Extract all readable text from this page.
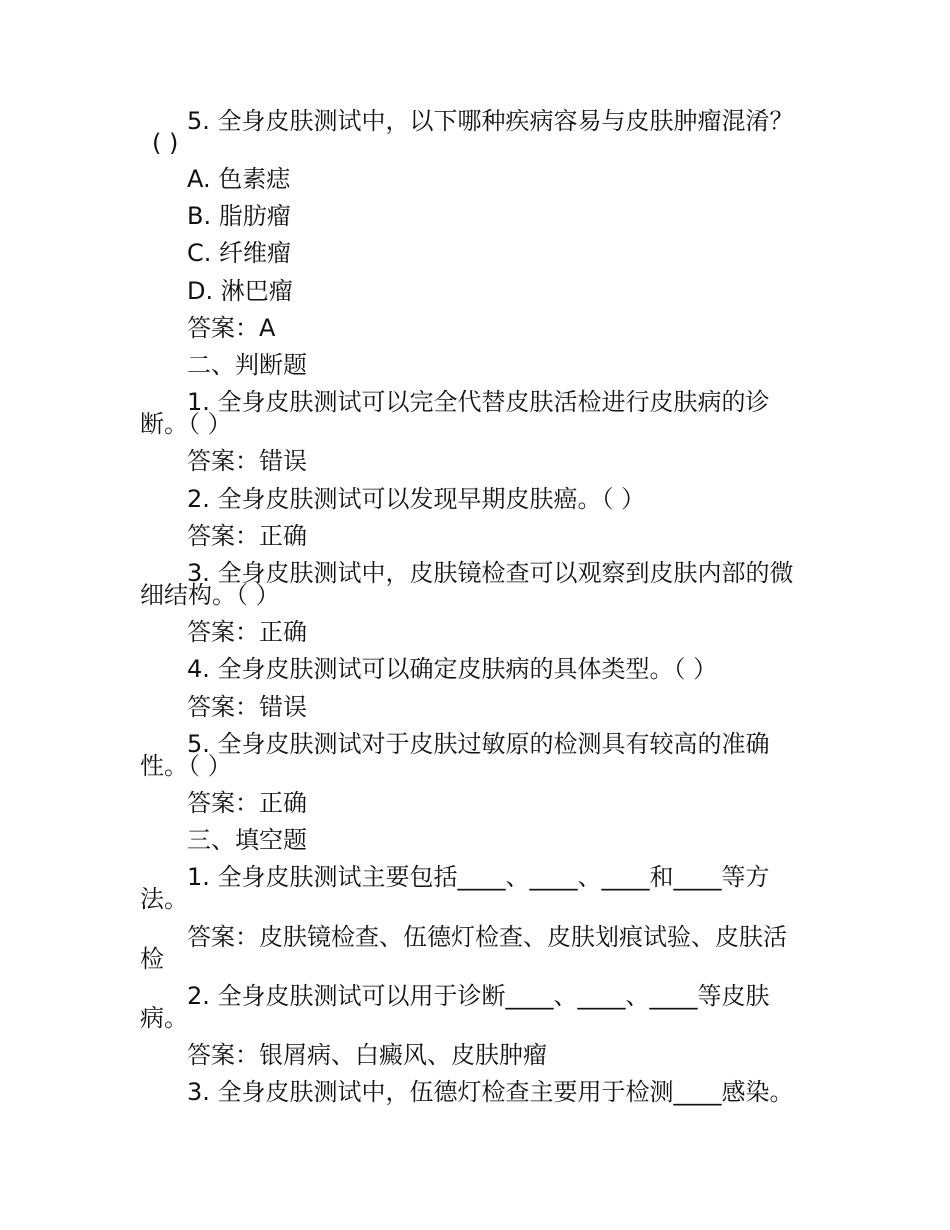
5. 全身皮肤测试中，以下哪种疾病容易与皮肤肿瘤混淆？
( )
A. 色素痣
B. 脂肪瘤
C. 纤维瘤
D. 淋巴瘤
答案：A
二、判断题
1. 全身皮肤测试可以完全代替皮肤活检进行皮肤病的诊
断。（ ）
答案：错误
2. 全身皮肤测试可以发现早期皮肤癌。（ ）
答案：正确
3. 全身皮肤测试中，皮肤镜检查可以观察到皮肤内部的微
细结构。（ ）
答案：正确
4. 全身皮肤测试可以确定皮肤病的具体类型。（ ）
答案：错误
5. 全身皮肤测试对于皮肤过敏原的检测具有较高的准确
性。（ ）
答案：正确
三、填空题
1. 全身皮肤测试主要包括____、____、____和____等方
法。
答案：皮肤镜检查、伍德灯检查、皮肤划痕试验、皮肤活
检
2. 全身皮肤测试可以用于诊断____、____、____等皮肤
病。
答案：银屑病、白癜风、皮肤肿瘤
3. 全身皮肤测试中，伍德灯检查主要用于检测____感染。
